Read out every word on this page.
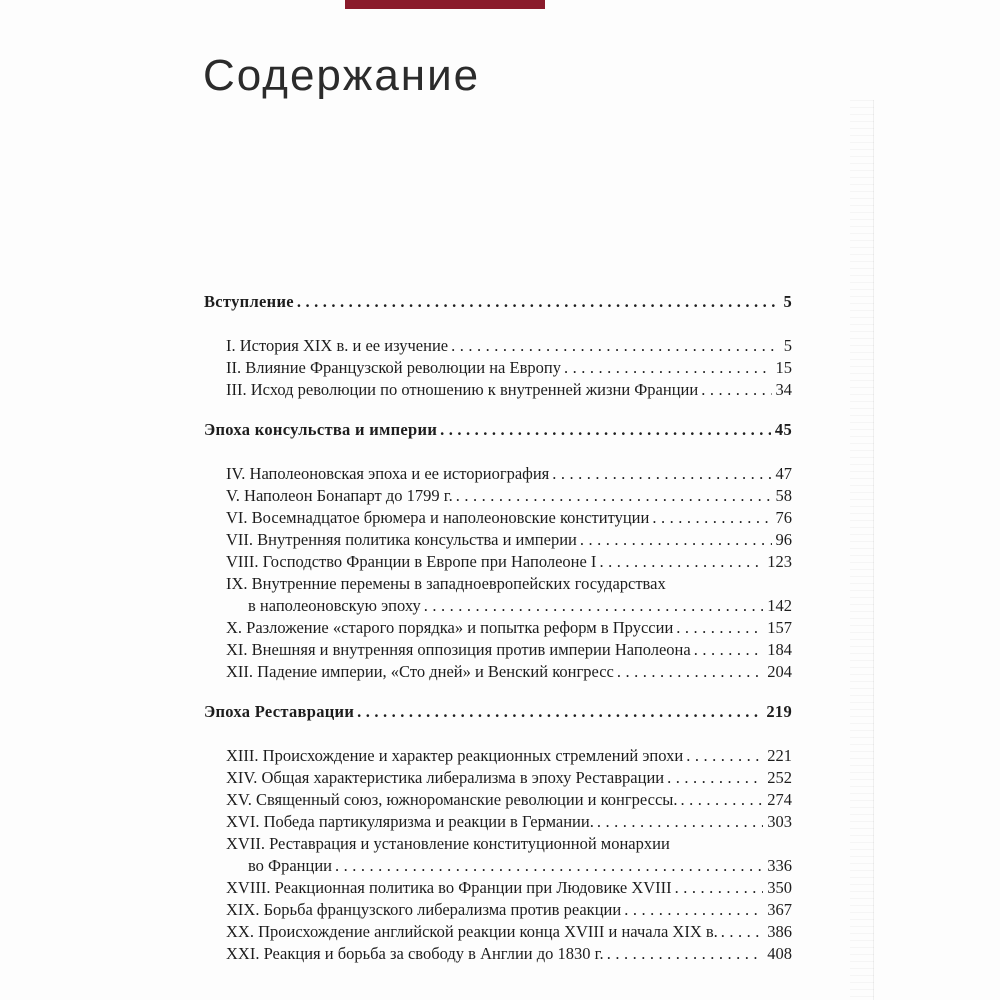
Содержание
Вступление .....	5
I. История XIX в. и ее изучение .....	5
II. Влияние Французской революции на Европу .....	15
III. Исход революции по отношению к внутренней жизни Франции .....	34
Эпоха консульства и империи .....	45
IV. Наполеоновская эпоха и ее историография .....	47
V. Наполеон Бонапарт до 1799 г. .....	58
VI. Восемнадцатое брюмера и наполеоновские конституции .....	76
VII. Внутренняя политика консульства и империи .....	96
VIII. Господство Франции в Европе при Наполеоне I .....	123
IX. Внутренние перемены в западноевропейских государствах
в наполеоновскую эпоху .....	142
X. Разложение «старого порядка» и попытка реформ в Пруссии .....	157
XI. Внешняя и внутренняя оппозиция против империи Наполеона .....	184
XII. Падение империи, «Сто дней» и Венский конгресс .....	204
Эпоха Реставрации .....	219
XIII. Происхождение и характер реакционных стремлений эпохи .....	221
XIV. Общая характеристика либерализма в эпоху Реставрации .....	252
XV. Священный союз, южнороманские революции и конгрессы. .....	274
XVI. Победа партикуляризма и реакции в Германии. .....	303
XVII. Реставрация и установление конституционной монархии
во Франции .....	336
XVIII. Реакционная политика во Франции при Людовике XVIII .....	350
XIX. Борьба французского либерализма против реакции .....	367
XX. Происхождение английской реакции конца XVIII и начала XIX в. .....	386
XXI. Реакция и борьба за свободу в Англии до 1830 г. .....	408
